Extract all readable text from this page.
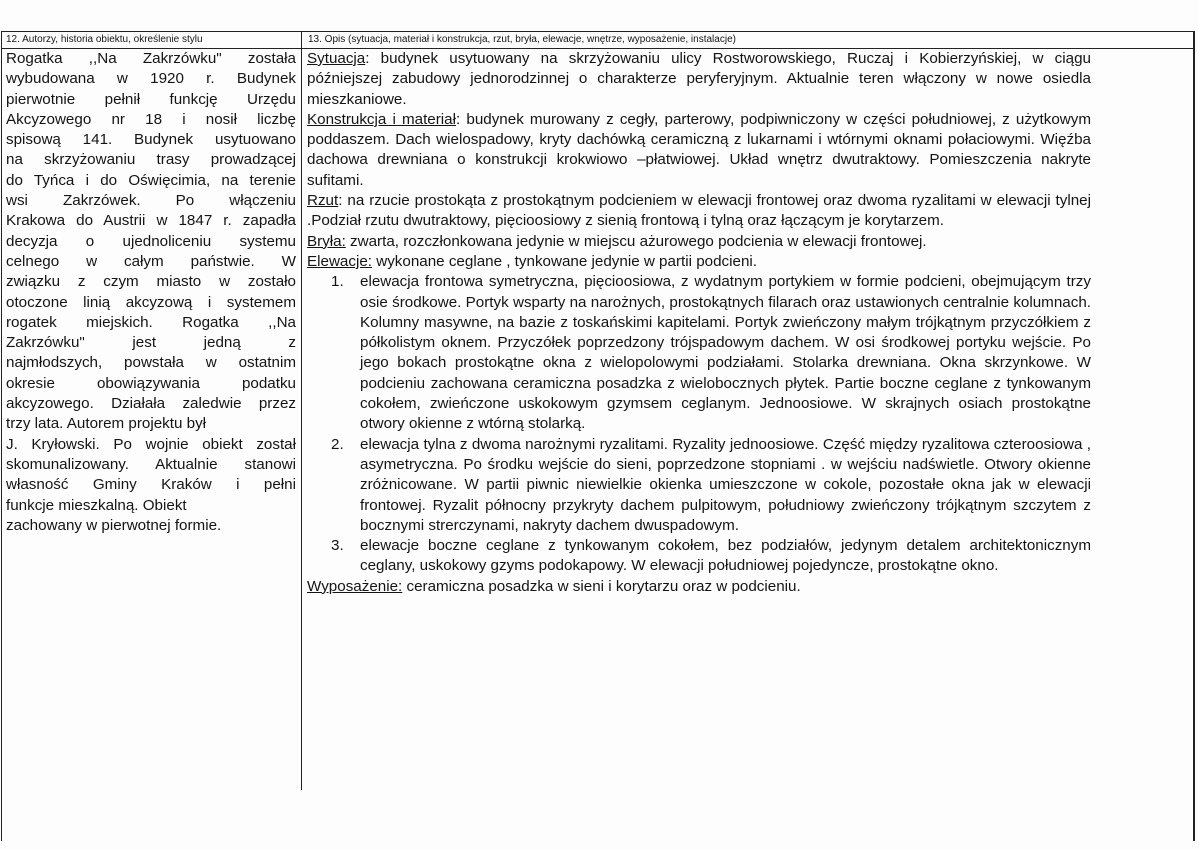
12. Autorzy, historia obiektu, określenie stylu	13. Opis (sytuacja, materiał i konstrukcja, rzut, bryła, elewacje, wnętrze, wyposażenie, instalacje)
Rogatka ,,Na Zakrzówku" została
wybudowana w 1920 r. Budynek
pierwotnie pełnił funkcję Urzędu
Akcyzowego nr 18 i nosił liczbę
spisową 141. Budynek usytuowano
na skrzyżowaniu trasy prowadzącej
do Tyńca i do Oświęcimia, na terenie
wsi Zakrzówek. Po włączeniu
Krakowa do Austrii w 1847 r. zapadła
decyzja o ujednoliceniu systemu
celnego w całym państwie. W
związku z czym miasto w zostało
otoczone linią akcyzową i systemem
rogatek miejskich. Rogatka ,,Na
Zakrzówku" jest jedną z
najmłodszych, powstała w ostatnim
okresie obowiązywania podatku
akcyzowego. Działała zaledwie przez
trzy lata. Autorem projektu był
J. Kryłowski. Po wojnie obiekt został
skomunalizowany. Aktualnie stanowi
własność Gminy Kraków i pełni
funkcje mieszkalną. Obiekt
zachowany w pierwotnej formie.

Sytuacja: budynek usytuowany na skrzyżowaniu ulicy Rostworowskiego, Ruczaj i Kobierzyńskiej, w ciągu późniejszej zabudowy jednorodzinnej o charakterze peryferyjnym. Aktualnie teren włączony w nowe osiedla mieszkaniowe.

Konstrukcja i materiał: budynek murowany z cegły, parterowy, podpiwniczony w części południowej, z użytkowym poddaszem. Dach wielospadowy, kryty dachówką ceramiczną z lukarnami i wtórnymi oknami połaciowymi. Więźba dachowa drewniana o konstrukcji krokwiowo –płatwiowej. Układ wnętrz dwutraktowy. Pomieszczenia nakryte sufitami.

Rzut: na rzucie prostokąta z prostokątnym podcieniem w elewacji frontowej oraz dwoma ryzalitami w elewacji tylnej .Podział rzutu dwutraktowy, pięcioosiowy z sienią frontową i tylną oraz łączącym je korytarzem.

Bryła: zwarta, rozczłonkowana jedynie w miejscu ażurowego podcienia w elewacji frontowej.

Elewacje: wykonane ceglane , tynkowane jedynie w partii podcieni.

1. elewacja frontowa symetryczna, pięcioosiowa, z wydatnym portykiem w formie podcieni, obejmującym trzy osie środkowe. Portyk wsparty na narożnych, prostokątnych filarach oraz ustawionych centralnie kolumnach. Kolumny masywne, na bazie z toskańskimi kapitelami. Portyk zwieńczony małym trójkątnym przyczółkiem z półkolistym oknem. Przyczółek poprzedzony trójspadowym dachem. W osi środkowej portyku wejście. Po jego bokach prostokątne okna z wielopolowymi podziałami. Stolarka drewniana. Okna skrzynkowe. W podcieniu zachowana ceramiczna posadzka z wielobocznych płytek. Partie boczne ceglane z tynkowanym cokołem, zwieńczone uskokowym gzymsem ceglanym. Jednoosiowe. W skrajnych osiach prostokątne otwory okienne z wtórną stolarką.
2. elewacja tylna z dwoma narożnymi ryzalitami. Ryzality jednoosiowe. Część między ryzalitowa czteroosiowa , asymetryczna. Po środku wejście do sieni, poprzedzone stopniami . w wejściu nadświetle. Otwory okienne zróżnicowane. W partii piwnic niewielkie okienka umieszczone w cokole, pozostałe okna jak w elewacji frontowej. Ryzalit północny przykryty dachem pulpitowym, południowy zwieńczony trójkątnym szczytem z bocznymi strerczynami, nakryty dachem dwuspadowym.
3. elewacje boczne ceglane z tynkowanym cokołem, bez podziałów, jedynym detalem architektonicznym ceglany, uskokowy gzyms podokapowy. W elewacji południowej pojedyncze, prostokątne okno.

Wyposażenie: ceramiczna posadzka w sieni i korytarzu oraz w podcieniu.
